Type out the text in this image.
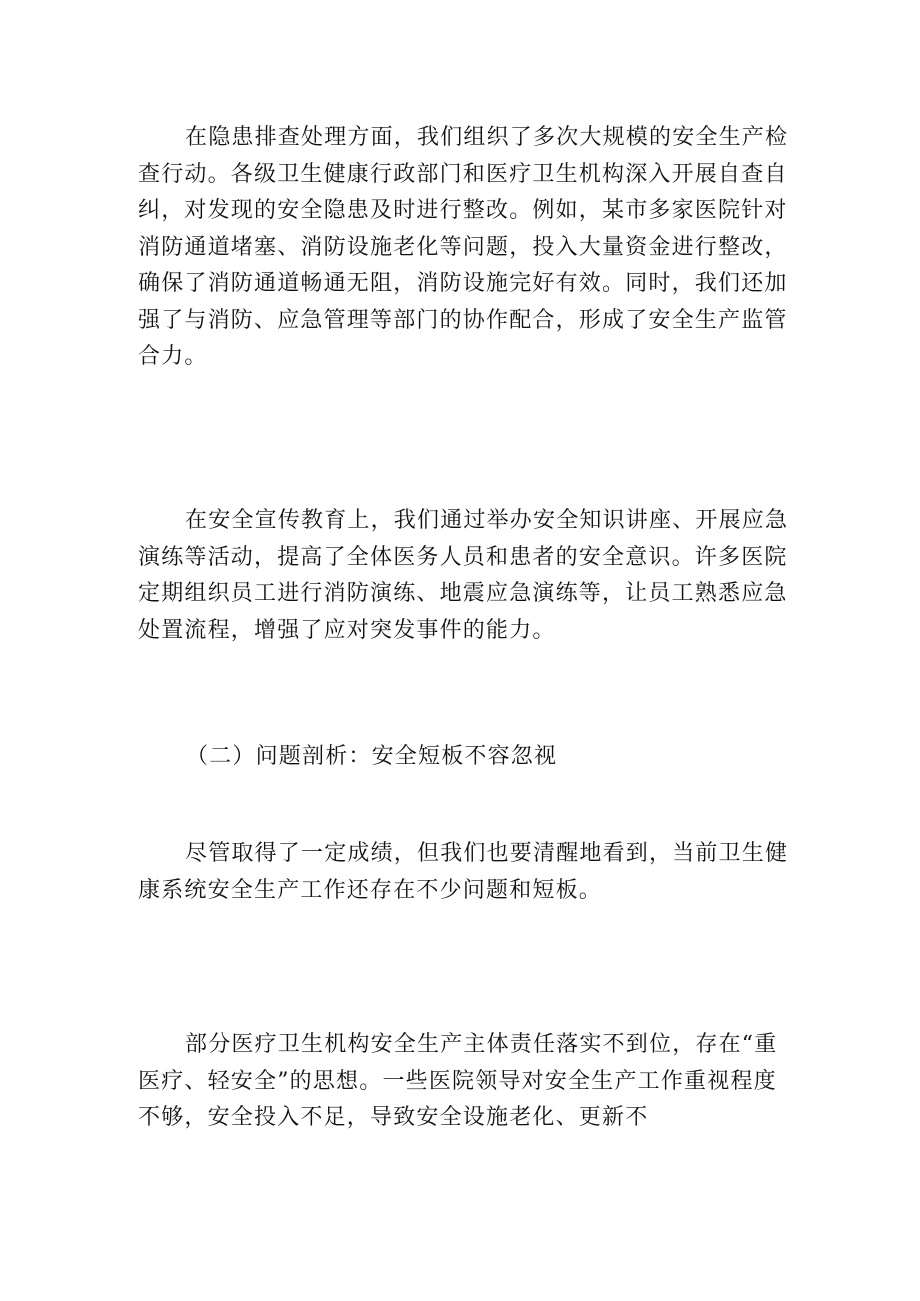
在隐患排查处理方面，我们组织了多次大规模的安全生产检
查行动。各级卫生健康行政部门和医疗卫生机构深入开展自查自
纠，对发现的安全隐患及时进行整改。例如，某市多家医院针对
消防通道堵塞、消防设施老化等问题，投入大量资金进行整改，
确保了消防通道畅通无阻，消防设施完好有效。同时，我们还加
强了与消防、应急管理等部门的协作配合，形成了安全生产监管
合力。

在安全宣传教育上，我们通过举办安全知识讲座、开展应急
演练等活动，提高了全体医务人员和患者的安全意识。许多医院
定期组织员工进行消防演练、地震应急演练等，让员工熟悉应急
处置流程，增强了应对突发事件的能力。

（二）问题剖析：安全短板不容忽视

尽管取得了一定成绩，但我们也要清醒地看到，当前卫生健
康系统安全生产工作还存在不少问题和短板。

部分医疗卫生机构安全生产主体责任落实不到位，存在“重
医疗、轻安全”的思想。一些医院领导对安全生产工作重视程度
不够，安全投入不足，导致安全设施老化、更新不
